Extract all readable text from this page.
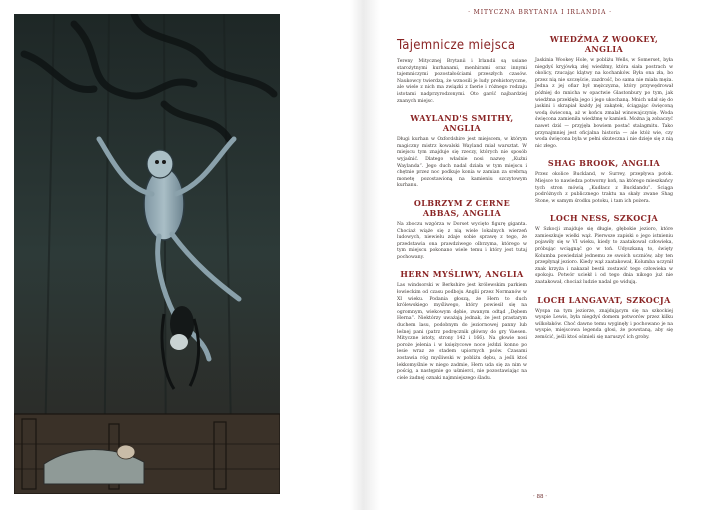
· MITYCZNA BRYTANIA I IRLANDIA ·
Tajemnicze miejsca

Tereny Mitycznej Brytanii i Irlandii są usiane starożytnymi kurhanami, menhirami oraz innymi tajemniczymi pozostałościami przeszłych czasów. Naukowcy twierdzą, że wznosili je ludy prehistoryczne, ale wiele z nich ma związki z faerie i różnego rodzaju istotami nadprzyrodzonymi. Oto garść najbardziej znanych miejsc.

WAYLAND'S SMITHY, ANGLIA

Długi kurhan w Oxfordshire jest miejscem, w którym magiczny mistrz kowalski Wayland miał warsztat. W miejscu tym znajduje się rzeczy, których nie sposób wyjaśnić. Dlatego właśnie nosi nazwę „Kuźni Waylanda”. Jego duch nadal działa w tym miejscu i chętnie przez noc podkuje konia w zamian za srebrną monetę pozostawioną na kamieniu szczytowym kurhanu.

OLBRZYM Z CERNE ABBAS, ANGLIA

Na zboczu wzgórza w Dorset wycięto figurę giganta. Chociaż wiąże się z nią wiele lokalnych wierzeń ludowych, niewielu zdaje sobie sprawę z tego, że przedstawia ona prawdziwego olbrzyma, którego w tym miejscu pokonano wiele temu i który jest tutaj pochowany.

HERN MYŚLIWY, ANGLIA

Las windsorski w Berkshire jest królewskim parkiem łowieckim od czasu podboju Anglii przez Normanów w XI wieku. Podania głoszą, że Hern to duch królewskiego myśliwego, który powiesił się na ogromnym, wiekowym dębie, zwanym odtąd „Dębem Herna”. Niektórzy uważają jednak, że jest prastarym duchem lasu, podobnym do jeziornowej panny lub leśnej pani (patrz podręcznik główny do gry Vaesen. Mityczne istoty, strony 142 i 166). Na głowie nosi poroże jelenia i w księżycowe noce jeździ konno po lesie wraz ze stadem upiornych psów. Czasami zostawia róg myśliwski w pobliżu dębu, a jeśli ktoś lekkomyślnie w niego zadmie, Hern uda się za nim w pościg, a następnie go uśmierci, nie pozostawiając na ciele żadnej oznaki najmniejszego śladu.

WIEDŹMA Z WOOKEY, ANGLIA

Jaskinia Wookey Hole, w pobliżu Wells, w Somerset, była niegdyś kryjówką złej wiedźmy, która siała postrach w okolicy, rzucając klątwy na kochanków. Była ona zła, bo przez nią nie szczęście, zazdrość, bo sama nie miała męża. Jedna z jej ofiar był mężczyzna, który przywędrował później do mnicha w opactwie Glastonbury po tym, jak wiedźma przeklęła jego i jego ukochaną. Mnich udał się do jaskini i skrapiał każdy jej zakątek, ściągając święconą wodą świeconą, aż w końcu zmalał winowajczynię. Woda święcona zamieniła wiedźmę w kamień. Można ją zobaczyć nawet dziś — przyjęła bowiem postać stalagmitu. Tako przynajmniej jest oficjalna historia — ale któż wie, czy woda święcona była w pełni skuteczna i nie dzieje się z nią nic złego.

SHAG BROOK, ANGLIA

Przez okolice Buckland, w Surrey, przepływa potok. Miejsce to nawiedza potworny koń, na którego mieszkańcy tych stron mówią „Kudłacz z Bucklandu”. Sciąga podróżnych z publicznego traktu na skały zwane Shag Stone, w samym środku potoku, i tam ich pożera.

LOCH NESS, SZKOCJA

W Szkocji znajduje się długie, głębokie jezioro, które zamieszkuje wielki wąż. Pierwsze zapiski o jego istnieniu pojawiły się w VI wieku, kiedy to zaatakował człowieka, próbując wciągnąć go w toń. Udyszkaną to, święty Kolumba powiedział jednemu ze swoich uczniów, aby ten przepłynął jezioro. Kiedy wąż zaatakował, Kolumba uczynił znak krzyża i nakazał bestii zostawić tego człowieka w spokoju. Potwór uciekł i od tego dnia nikogo już nie zaatakował, chociaż ludzie nadal go widują.

LOCH LANGAVAT, SZKOCJA

Wyspa na tym jeziorze, znajdującym się na szkockiej wyspie Lewis, była niegdyś domem potworów przez kilku wilkołaków. Choć dawno temu wyginęły i pochowano je na wyspie, miejscowa legenda głosi, że powstaną, aby się zemścić, jeśli ktoś ośmieli się naruszyć ich groby.

· 88 ·
